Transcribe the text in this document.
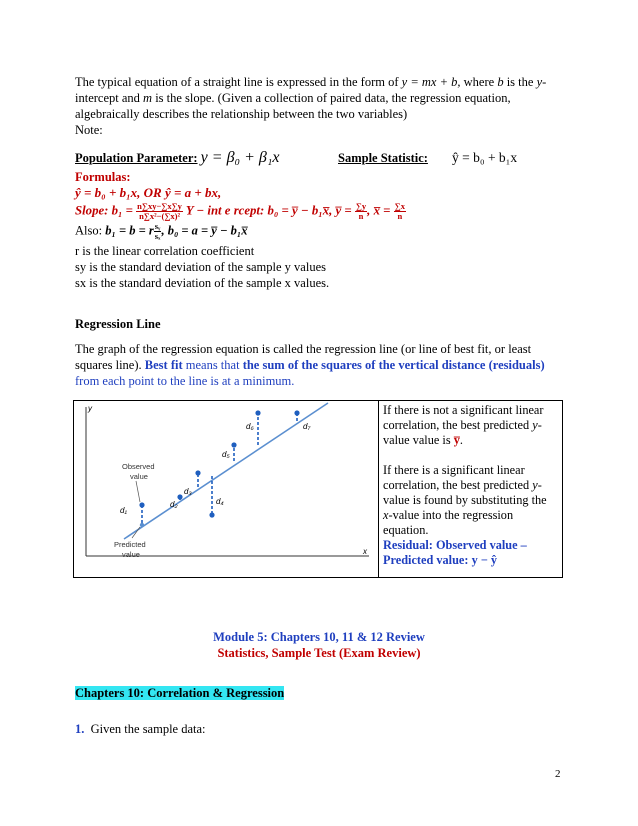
The typical equation of a straight line is expressed in the form of y = mx + b, where b is the y-
intercept and m is the slope. (Given a collection of paired data, the regression equation,
algebraically describes the relationship between the two variables)
Note:
Population Parameter: y = β₀ + β₁x	Sample Statistic: ŷ = b₀ + b₁x
Formulas:
ŷ = b₀ + b₁x, OR ŷ = a + bx,
Slope: $b_1 = \frac{n\sum xy-\sum x\sum y}{\text{n∑x²−(∑x)²}}$ Y − int e rcept: b₀ = y̅ − b₁x̅, y̅ = $\frac{\sum y}{n}$ , x̅ = $\frac{\sum x}{n}$
Also: b₁ = b = r $\frac{\text{sᵧ}}{\text{sₓ}}$ , b₀ = a = y̅ − b₁x̅
r is the linear correlation coefficient
sy is the standard deviation of the sample y values
sx is the standard deviation of the sample x values.
Regression Line
The graph of the regression equation is called the regression line (or line of best fit, or least
squares line). Best fit means that the sum of the squares of the vertical distance (residuals)
from each point to the line is at a minimum.
y
x
Observed
value
Predicted
value
d₁
d₂
d₃
d₄
d₅
d₆	d₇
If there is not a significant linear correlation, the best predicted y-value value is y̅.
If there is a significant linear correlation, the best predicted y-value is found by substituting the x-value into the regression equation.
Residual: Observed value –
Predicted value: y − ŷ
Module 5: Chapters 10, 11 & 12 Review
Statistics, Sample Test (Exam Review)
Chapters 10: Correlation & Regression
1. Given the sample data:
2
